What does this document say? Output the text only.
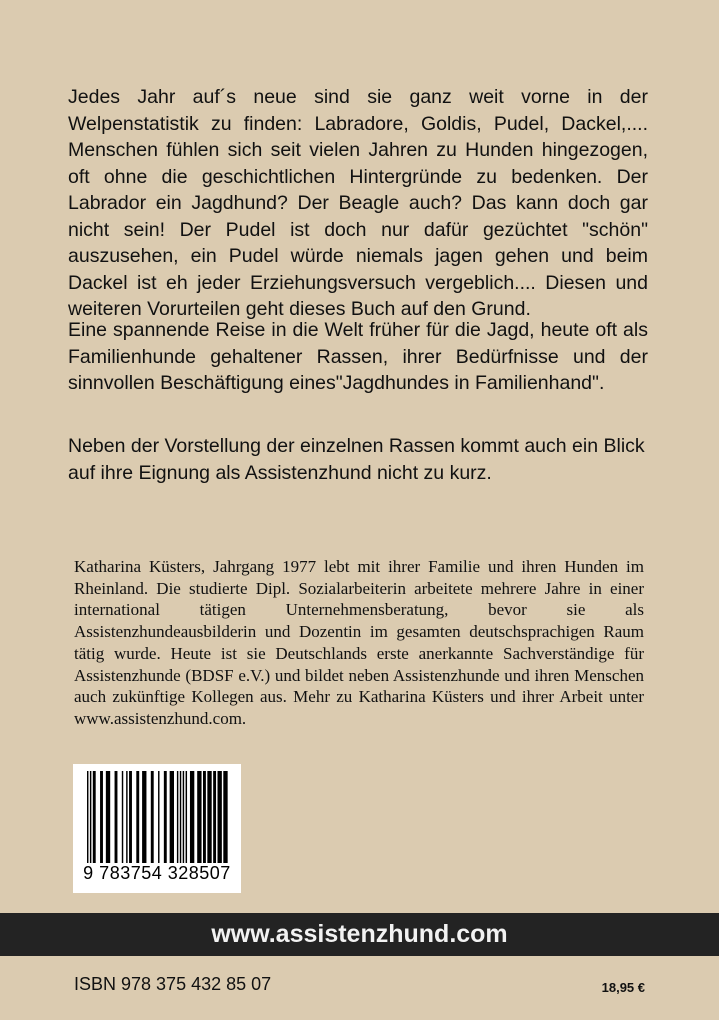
Jedes Jahr auf´s neue sind sie ganz weit vorne in der Welpenstatistik zu finden: Labradore, Goldis, Pudel, Dackel,.... Menschen fühlen sich seit vielen Jahren zu Hunden hingezogen, oft ohne die geschichtlichen Hintergründe zu bedenken. Der Labrador ein Jagdhund? Der Beagle auch? Das kann doch gar nicht sein! Der Pudel ist doch nur dafür gezüchtet "schön" auszusehen, ein Pudel würde niemals jagen gehen und beim Dackel ist eh jeder Erziehungsversuch vergeblich.... Diesen und weiteren Vorurteilen geht dieses Buch auf den Grund.

Eine spannende Reise in die Welt früher für die Jagd, heute oft als Familienhunde gehaltener Rassen, ihrer Bedürfnisse und der sinnvollen Beschäftigung eines"Jagdhundes in Familienhand".

Neben der Vorstellung der einzelnen Rassen kommt auch ein Blick auf ihre Eignung als Assistenzhund nicht zu kurz.

Katharina Küsters, Jahrgang 1977 lebt mit ihrer Familie und ihren Hunden im Rheinland. Die studierte Dipl. Sozialarbeiterin arbeitete mehrere Jahre in einer international tätigen Unternehmensberatung, bevor sie als Assistenzhundeausbilderin und Dozentin im gesamten deutschsprachigen Raum tätig wurde. Heute ist sie Deutschlands erste anerkannte Sachverständige für Assistenzhunde (BDSF e.V.) und bildet neben Assistenzhunde und ihren Menschen auch zukünftige Kollegen aus. Mehr zu Katharina Küsters und ihrer Arbeit unter www.assistenzhund.com.

9 783754 328507
www.assistenzhund.com
ISBN 978 375 432 85 07	18,95 €
